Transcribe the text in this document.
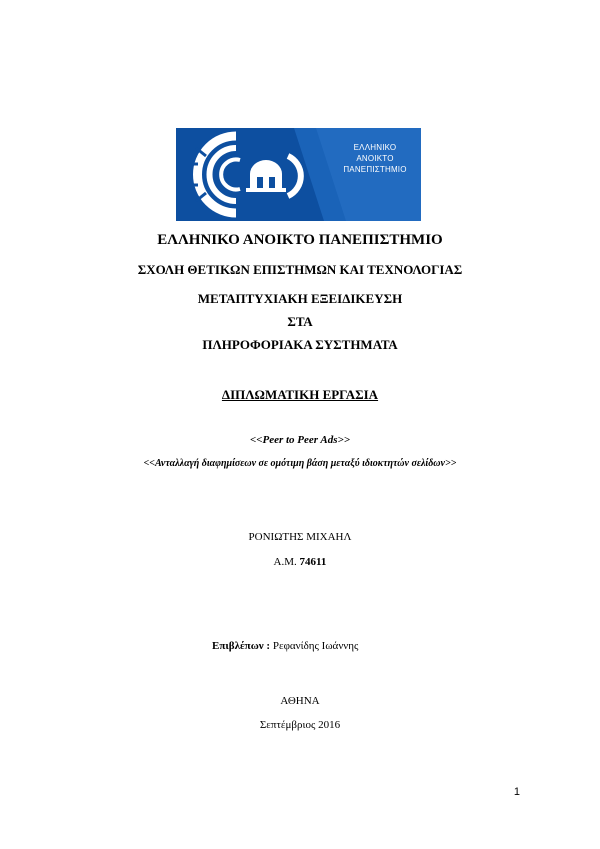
ΕΛΛΗΝΙΚΟ
ΑΝΟΙΚΤΟ
ΠΑΝΕΠΙΣΤΗΜΙΟ
ΕΛΛΗΝΙΚΟ ΑΝΟΙΚΤΟ ΠΑΝΕΠΙΣΤΗΜΙΟ
ΣΧΟΛΗ ΘΕΤΙΚΩΝ ΕΠΙΣΤΗΜΩΝ ΚΑΙ ΤΕΧΝΟΛΟΓΙΑΣ
ΜΕΤΑΠΤΥΧΙΑΚΗ ΕΞΕΙΔΙΚΕΥΣΗ
ΣΤΑ
ΠΛΗΡΟΦΟΡΙΑΚΑ ΣΥΣΤΗΜΑΤΑ
ΔΙΠΛΩΜΑΤΙΚΗ ΕΡΓΑΣΙΑ
<<Peer to Peer Ads>>
<<Ανταλλαγή διαφημίσεων σε ομότιμη βάση μεταξύ ιδιοκτητών σελίδων>>
ΡΟΝΙΩΤΗΣ ΜΙΧΑΗΛ
Α.Μ. 74611
Επιβλέπων : Ρεφανίδης Ιωάννης
ΑΘΗΝΑ
Σεπτέμβριος 2016
1
